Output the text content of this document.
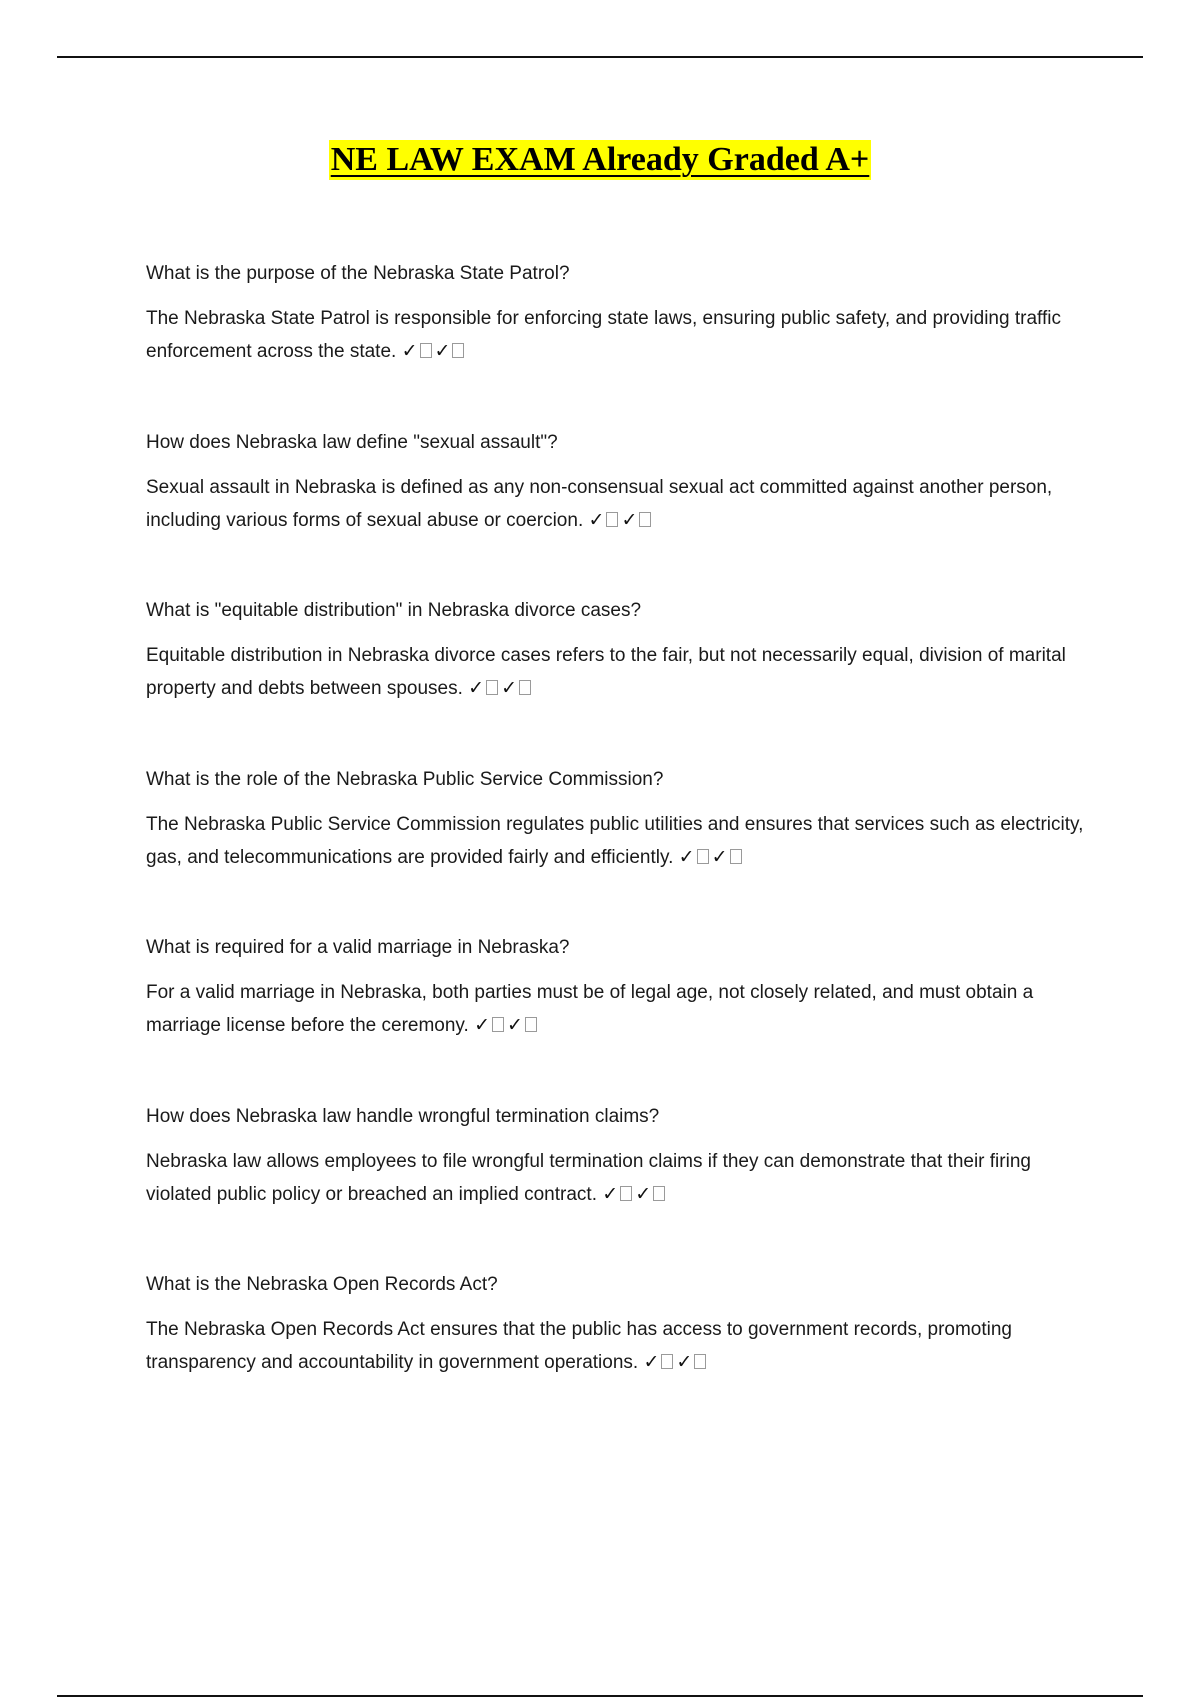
NE LAW EXAM Already Graded A+

What is the purpose of the Nebraska State Patrol?

The Nebraska State Patrol is responsible for enforcing state laws, ensuring public safety, and providing traffic enforcement across the state. ✓ ✓

How does Nebraska law define "sexual assault"?

Sexual assault in Nebraska is defined as any non-consensual sexual act committed against another person, including various forms of sexual abuse or coercion. ✓ ✓

What is "equitable distribution" in Nebraska divorce cases?

Equitable distribution in Nebraska divorce cases refers to the fair, but not necessarily equal, division of marital property and debts between spouses. ✓ ✓

What is the role of the Nebraska Public Service Commission?

The Nebraska Public Service Commission regulates public utilities and ensures that services such as electricity, gas, and telecommunications are provided fairly and efficiently. ✓ ✓

What is required for a valid marriage in Nebraska?

For a valid marriage in Nebraska, both parties must be of legal age, not closely related, and must obtain a marriage license before the ceremony. ✓ ✓

How does Nebraska law handle wrongful termination claims?

Nebraska law allows employees to file wrongful termination claims if they can demonstrate that their firing violated public policy or breached an implied contract. ✓ ✓

What is the Nebraska Open Records Act?

The Nebraska Open Records Act ensures that the public has access to government records, promoting transparency and accountability in government operations. ✓ ✓
